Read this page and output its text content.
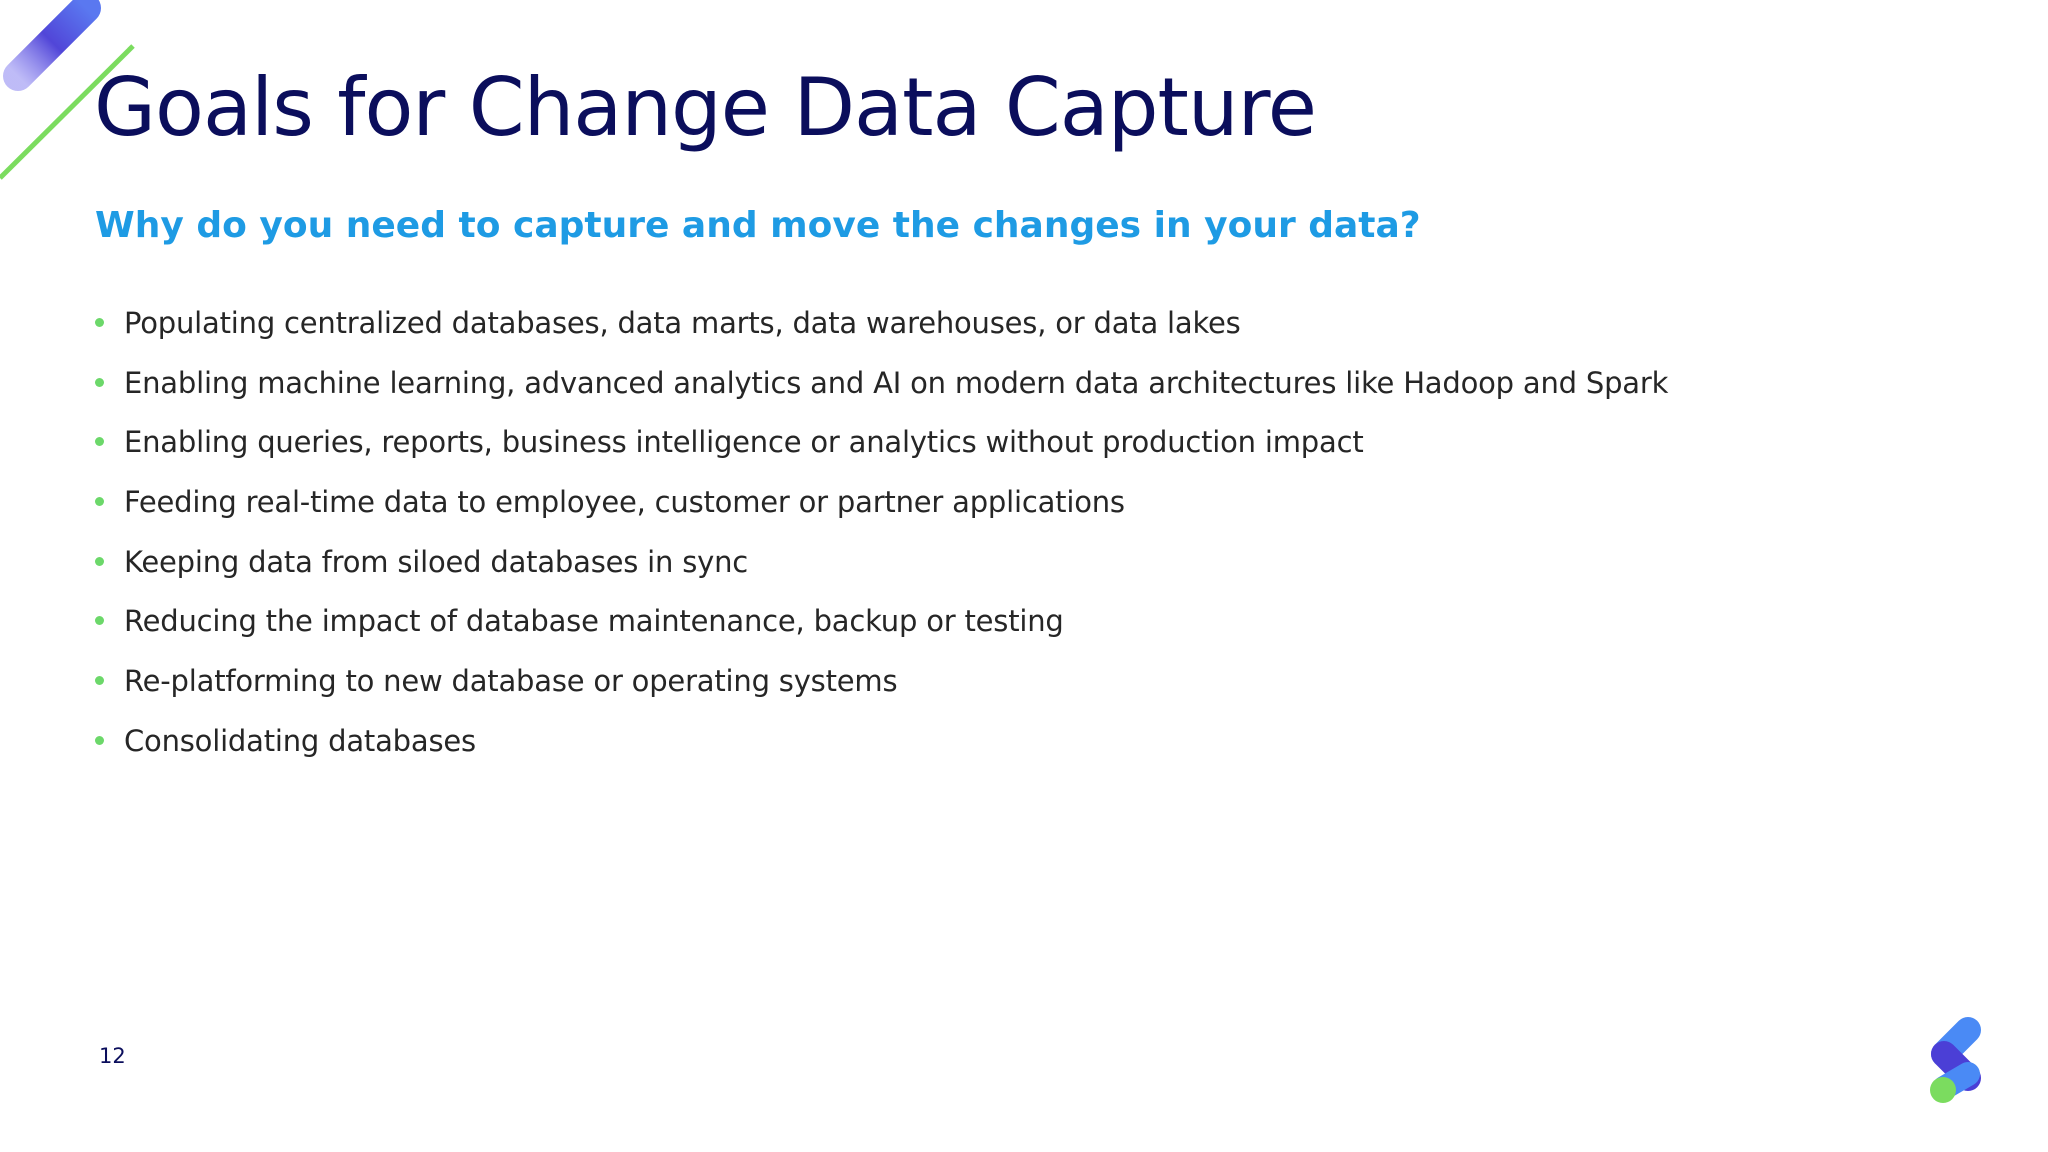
Goals for Change Data Capture
Why do you need to capture and move the changes in your data?
Populating centralized databases, data marts, data warehouses, or data lakes
Enabling machine learning, advanced analytics and AI on modern data architectures like Hadoop and Spark
Enabling queries, reports, business intelligence or analytics without production impact
Feeding real-time data to employee, customer or partner applications
Keeping data from siloed databases in sync
Reducing the impact of database maintenance, backup or testing
Re-platforming to new database or operating systems
Consolidating databases
12
